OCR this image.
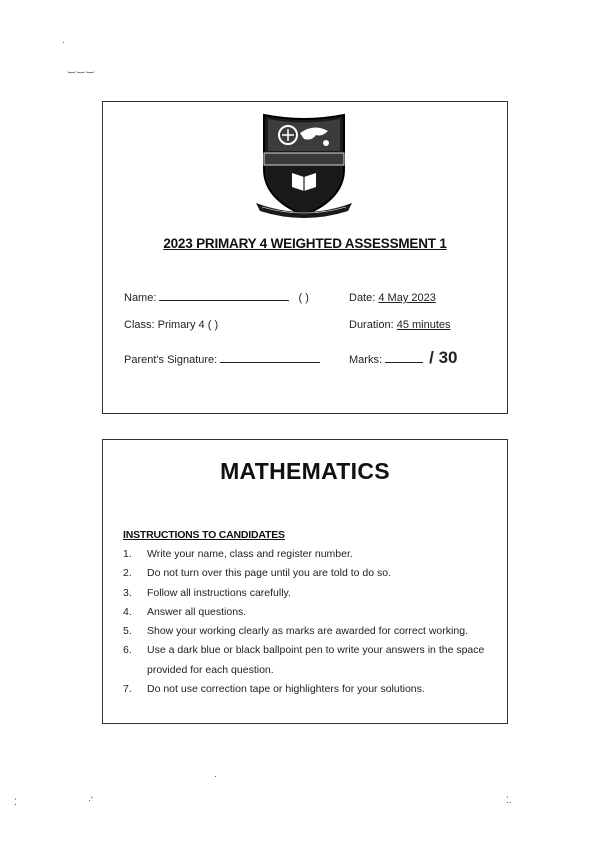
·
‿‿‿
·
⁚	·'	⁚.
2023 PRIMARY 4 WEIGHTED ASSESSMENT 1
Name:	( )	Date: 4 May 2023
Class: Primary 4 ( )	Duration: 45 minutes
Parent's Signature:	Marks:	/ 30
MATHEMATICS
INSTRUCTIONS TO CANDIDATES
1. Write your name, class and register number.
2. Do not turn over this page until you are told to do so.
3. Follow all instructions carefully.
4. Answer all questions.
5. Show your working clearly as marks are awarded for correct working.
6. Use a dark blue or black ballpoint pen to write your answers in the space provided for each question.
7. Do not use correction tape or highlighters for your solutions.
